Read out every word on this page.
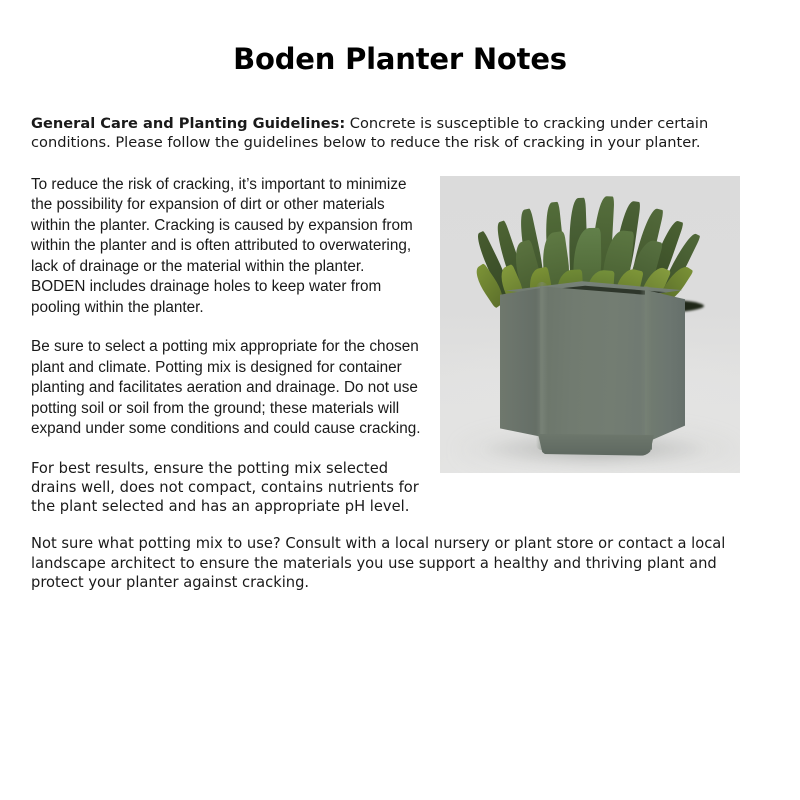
Boden Planter Notes

General Care and Planting Guidelines: Concrete is susceptible to cracking under certain conditions. Please follow the guidelines below to reduce the risk of cracking in your planter.

To reduce the risk of cracking, it’s important to minimize the possibility for expansion of dirt or other materials within the planter. Cracking is caused by expansion from within the planter and is often attributed to overwatering, lack of drainage or the material within the planter. BODEN includes drainage holes to keep water from pooling within the planter.

Be sure to select a potting mix appropriate for the chosen plant and climate. Potting mix is designed for container planting and facilitates aeration and drainage. Do not use potting soil or soil from the ground; these materials will expand under some conditions and could cause cracking.

For best results, ensure the potting mix selected drains well, does not compact, contains nutrients for the plant selected and has an appropriate pH level.

Not sure what potting mix to use? Consult with a local nursery or plant store or contact a local landscape architect to ensure the materials you use support a healthy and thriving plant and protect your planter against cracking.
